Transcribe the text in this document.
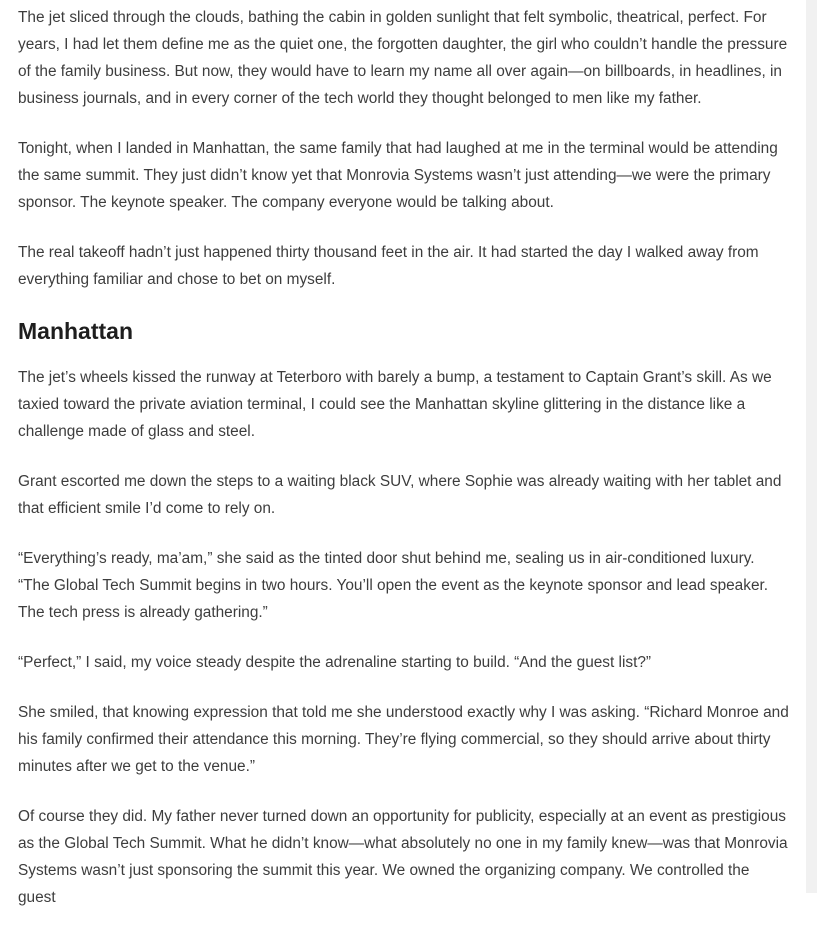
The jet sliced through the clouds, bathing the cabin in golden sunlight that felt symbolic, theatrical, perfect. For years, I had let them define me as the quiet one, the forgotten daughter, the girl who couldn’t handle the pressure of the family business. But now, they would have to learn my name all over again—on billboards, in headlines, in business journals, and in every corner of the tech world they thought belonged to men like my father.

Tonight, when I landed in Manhattan, the same family that had laughed at me in the terminal would be attending the same summit. They just didn’t know yet that Monrovia Systems wasn’t just attending—we were the primary sponsor. The keynote speaker. The company everyone would be talking about.

The real takeoff hadn’t just happened thirty thousand feet in the air. It had started the day I walked away from everything familiar and chose to bet on myself.

Manhattan

The jet’s wheels kissed the runway at Teterboro with barely a bump, a testament to Captain Grant’s skill. As we taxied toward the private aviation terminal, I could see the Manhattan skyline glittering in the distance like a challenge made of glass and steel.

Grant escorted me down the steps to a waiting black SUV, where Sophie was already waiting with her tablet and that efficient smile I’d come to rely on.

“Everything’s ready, ma’am,” she said as the tinted door shut behind me, sealing us in air-conditioned luxury. “The Global Tech Summit begins in two hours. You’ll open the event as the keynote sponsor and lead speaker. The tech press is already gathering.”

“Perfect,” I said, my voice steady despite the adrenaline starting to build. “And the guest list?”

She smiled, that knowing expression that told me she understood exactly why I was asking. “Richard Monroe and his family confirmed their attendance this morning. They’re flying commercial, so they should arrive about thirty minutes after we get to the venue.”

Of course they did. My father never turned down an opportunity for publicity, especially at an event as prestigious as the Global Tech Summit. What he didn’t know—what absolutely no one in my family knew—was that Monrovia Systems wasn’t just sponsoring the summit this year. We owned the organizing company. We controlled the guest
